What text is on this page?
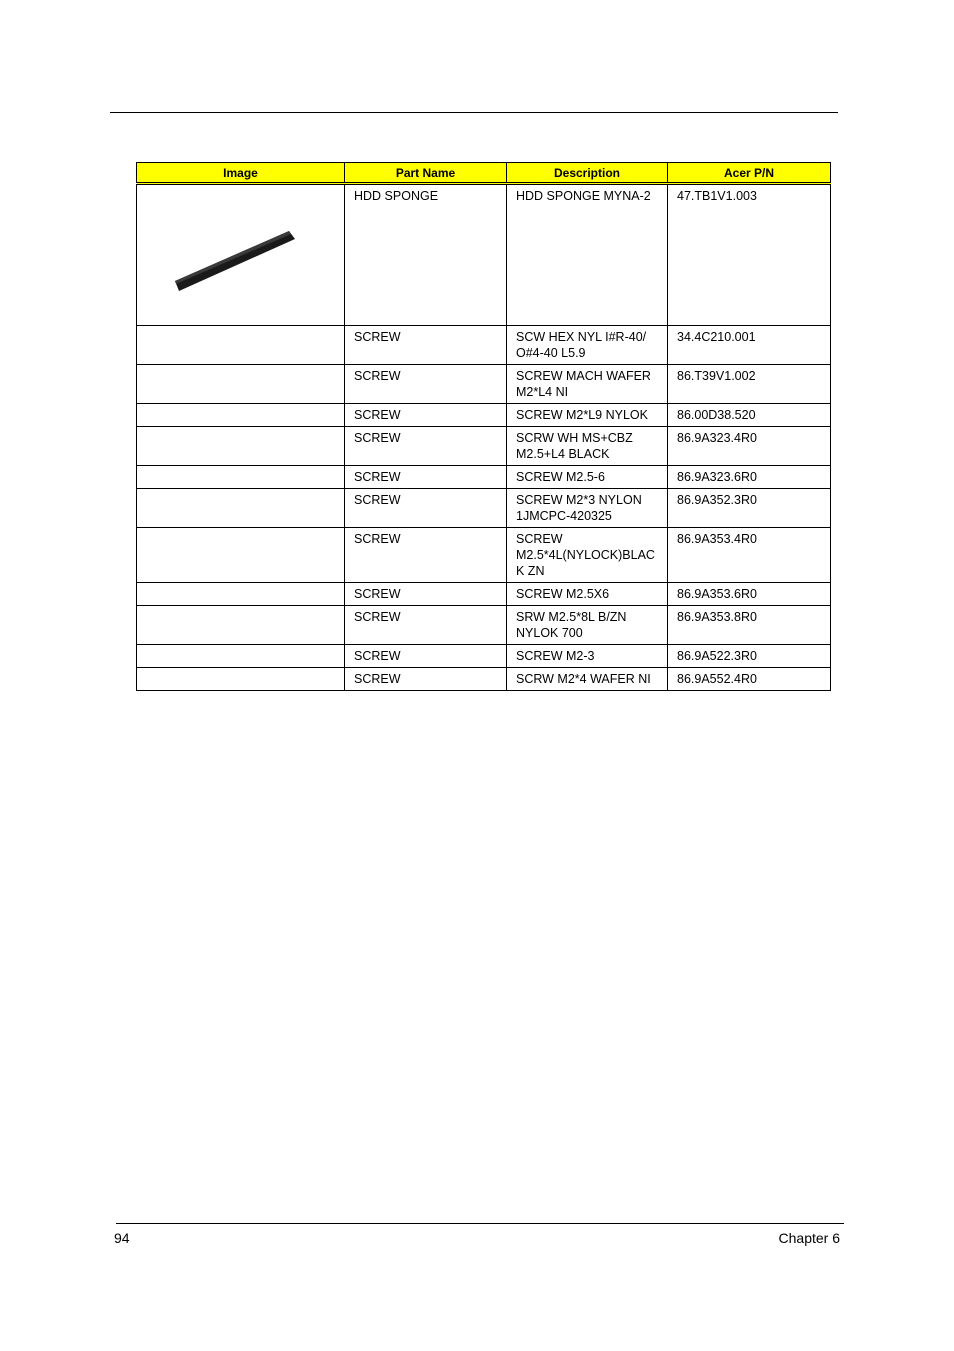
Image	Part Name	Description	Acer P/N

	HDD SPONGE	HDD SPONGE MYNA-2	47.TB1V1.003
	SCREW	SCW HEX NYL I#R-40/ O#4-40 L5.9	34.4C210.001
	SCREW	SCREW MACH WAFER M2*L4 NI	86.T39V1.002
	SCREW	SCREW M2*L9 NYLOK	86.00D38.520
	SCREW	SCRW WH MS+CBZ M2.5+L4 BLACK	86.9A323.4R0
	SCREW	SCREW M2.5-6	86.9A323.6R0
	SCREW	SCREW M2*3 NYLON 1JMCPC-420325	86.9A352.3R0
	SCREW	SCREW M2.5*4L(NYLOCK)BLACK ZN	86.9A353.4R0
	SCREW	SCREW M2.5X6	86.9A353.6R0
	SCREW	SRW M2.5*8L B/ZN NYLOK 700	86.9A353.8R0
	SCREW	SCREW M2-3	86.9A522.3R0
	SCREW	SCRW M2*4 WAFER NI	86.9A552.4R0
94	Chapter 6
